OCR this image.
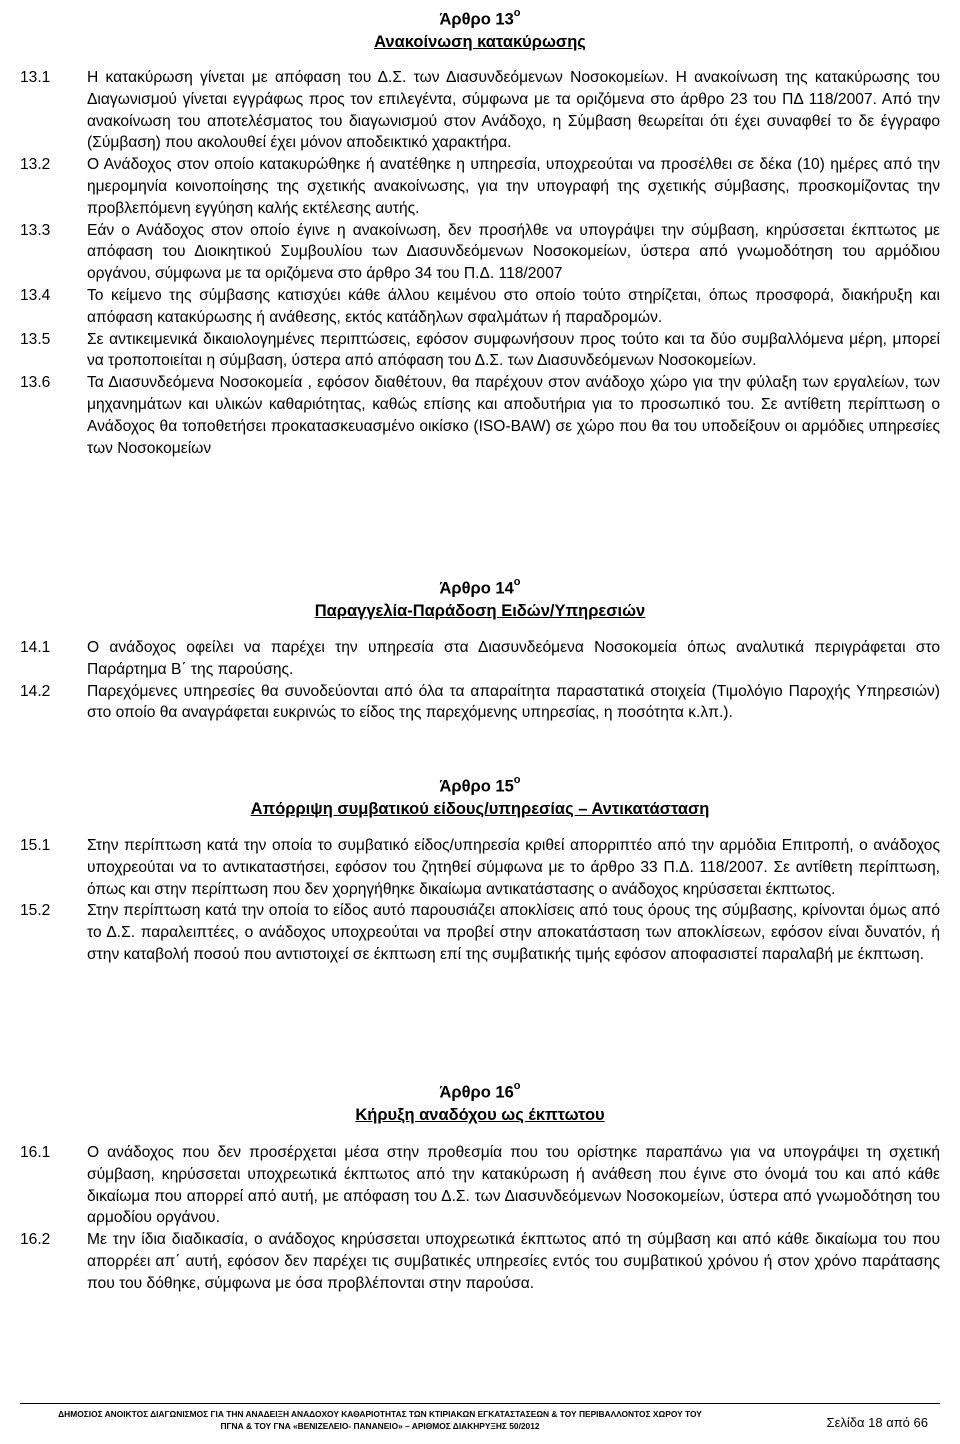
Άρθρο $13^o$
Ανακοίνωση κατακύρωσης
13.1	Η κατακύρωση γίνεται με απόφαση του Δ.Σ. των Διασυνδεόμενων Νοσοκομείων. Η ανακοίνωση της κατακύρωσης του Διαγωνισμού γίνεται εγγράφως προς τον επιλεγέντα, σύμφωνα με τα οριζόμενα στο άρθρο 23 του ΠΔ 118/2007. Από την ανακοίνωση του αποτελέσματος του διαγωνισμού στον Ανάδοχο, η Σύμβαση θεωρείται ότι έχει συναφθεί το δε έγγραφο (Σύμβαση) που ακολουθεί έχει μόνον αποδεικτικό χαρακτήρα.
13.2	Ο Ανάδοχος στον οποίο κατακυρώθηκε ή ανατέθηκε η υπηρεσία, υποχρεούται να προσέλθει σε δέκα (10) ημέρες από την ημερομηνία κοινοποίησης της σχετικής ανακοίνωσης, για την υπογραφή της σχετικής σύμβασης, προσκομίζοντας την προβλεπόμενη εγγύηση καλής εκτέλεσης αυτής.
13.3	Εάν ο Ανάδοχος στον οποίο έγινε η ανακοίνωση, δεν προσήλθε να υπογράψει την σύμβαση, κηρύσσεται έκπτωτος με απόφαση του Διοικητικού Συμβουλίου των Διασυνδεόμενων Νοσοκομείων, ύστερα από γνωμοδότηση του αρμόδιου οργάνου, σύμφωνα με τα οριζόμενα στο άρθρο 34 του Π.Δ. 118/2007
13.4	Το κείμενο της σύμβασης κατισχύει κάθε άλλου κειμένου στο οποίο τούτο στηρίζεται, όπως προσφορά, διακήρυξη και απόφαση κατακύρωσης ή ανάθεσης, εκτός κατάδηλων σφαλμάτων ή παραδρομών.
13.5	Σε αντικειμενικά δικαιολογημένες περιπτώσεις, εφόσον συμφωνήσουν προς τούτο και τα δύο συμβαλλόμενα μέρη, μπορεί να τροποποιείται η σύμβαση, ύστερα από απόφαση του Δ.Σ. των Διασυνδεόμενων Νοσοκομείων.
13.6	Τα Διασυνδεόμενα Νοσοκομεία , εφόσον διαθέτουν, θα παρέχουν στον ανάδοχο χώρο για την φύλαξη των εργαλείων, των μηχανημάτων και υλικών καθαριότητας, καθώς επίσης και αποδυτήρια για το προσωπικό του. Σε αντίθετη περίπτωση ο Ανάδοχος θα τοποθετήσει προκατασκευασμένο οικίσκο (ISO-BAW) σε χώρο που θα του υποδείξουν οι αρμόδιες υπηρεσίες των Νοσοκομείων
Άρθρο $14^o$
Παραγγελία-Παράδοση Ειδών/Υπηρεσιών
14.1	Ο ανάδοχος οφείλει να παρέχει την υπηρεσία στα Διασυνδεόμενα Νοσοκομεία όπως αναλυτικά περιγράφεται στο Παράρτημα Β΄ της παρούσης.
14.2	Παρεχόμενες υπηρεσίες θα συνοδεύονται από όλα τα απαραίτητα παραστατικά στοιχεία (Τιμολόγιο Παροχής Υπηρεσιών) στο οποίο θα αναγράφεται ευκρινώς το είδος της παρεχόμενης υπηρεσίας, η ποσότητα κ.λπ.).
Άρθρο $15^o$
Απόρριψη συμβατικού είδους/υπηρεσίας – Αντικατάσταση
15.1	Στην περίπτωση κατά την οποία το συμβατικό είδος/υπηρεσία κριθεί απορριπτέο από την αρμόδια Επιτροπή, ο ανάδοχος υποχρεούται να το αντικαταστήσει, εφόσον του ζητηθεί σύμφωνα με το άρθρο 33 Π.Δ. 118/2007. Σε αντίθετη περίπτωση, όπως και στην περίπτωση που δεν χορηγήθηκε δικαίωμα αντικατάστασης ο ανάδοχος κηρύσσεται έκπτωτος.
15.2	Στην περίπτωση κατά την οποία το είδος αυτό παρουσιάζει αποκλίσεις από τους όρους της σύμβασης, κρίνονται όμως από το Δ.Σ. παραλειπτέες, ο ανάδοχος υποχρεούται να προβεί στην αποκατάσταση των αποκλίσεων, εφόσον είναι δυνατόν, ή στην καταβολή ποσού που αντιστοιχεί σε έκπτωση επί της συμβατικής τιμής εφόσον αποφασιστεί παραλαβή με έκπτωση.
Άρθρο $16^o$
Κήρυξη αναδόχου ως έκπτωτου
16.1	Ο ανάδοχος που δεν προσέρχεται μέσα στην προθεσμία που του ορίστηκε παραπάνω για να υπογράψει τη σχετική σύμβαση, κηρύσσεται υποχρεωτικά έκπτωτος από την κατακύρωση ή ανάθεση που έγινε στο όνομά του και από κάθε δικαίωμα που απορρεί από αυτή, με απόφαση του Δ.Σ. των Διασυνδεόμενων Νοσοκομείων, ύστερα από γνωμοδότηση του αρμοδίου οργάνου.
16.2	Με την ίδια διαδικασία, ο ανάδοχος κηρύσσεται υποχρεωτικά έκπτωτος από τη σύμβαση και από κάθε δικαίωμα του που απορρέει απ΄ αυτή, εφόσον δεν παρέχει τις συμβατικές υπηρεσίες εντός του συμβατικού χρόνου ή στον χρόνο παράτασης που του δόθηκε, σύμφωνα με όσα προβλέπονται στην παρούσα.
ΔΗΜΟΣΙΟΣ ΑΝΟΙΚΤΟΣ ΔΙΑΓΩΝΙΣΜΟΣ ΓΙΑ ΤΗΝ ΑΝΑΔΕΙΞΗ ΑΝΑΔΟΧΟΥ ΚΑΘΑΡΙΟΤΗΤΑΣ ΤΩΝ ΚΤΙΡΙΑΚΩΝ ΕΓΚΑΤΑΣΤΑΣΕΩΝ & ΤΟΥ ΠΕΡΙΒΑΛΛΟΝΤΟΣ ΧΩΡΟΥ ΤΟΥ
ΠΓΝΑ & ΤΟΥ ΓΝΑ «ΒΕΝΙΖΕΛΕΙΟ- ΠΑΝΑΝΕΙΟ» – ΑΡΙΘΜΟΣ ΔΙΑΚΗΡΥΞΗΣ 50/2012	Σελίδα 18 από 66
